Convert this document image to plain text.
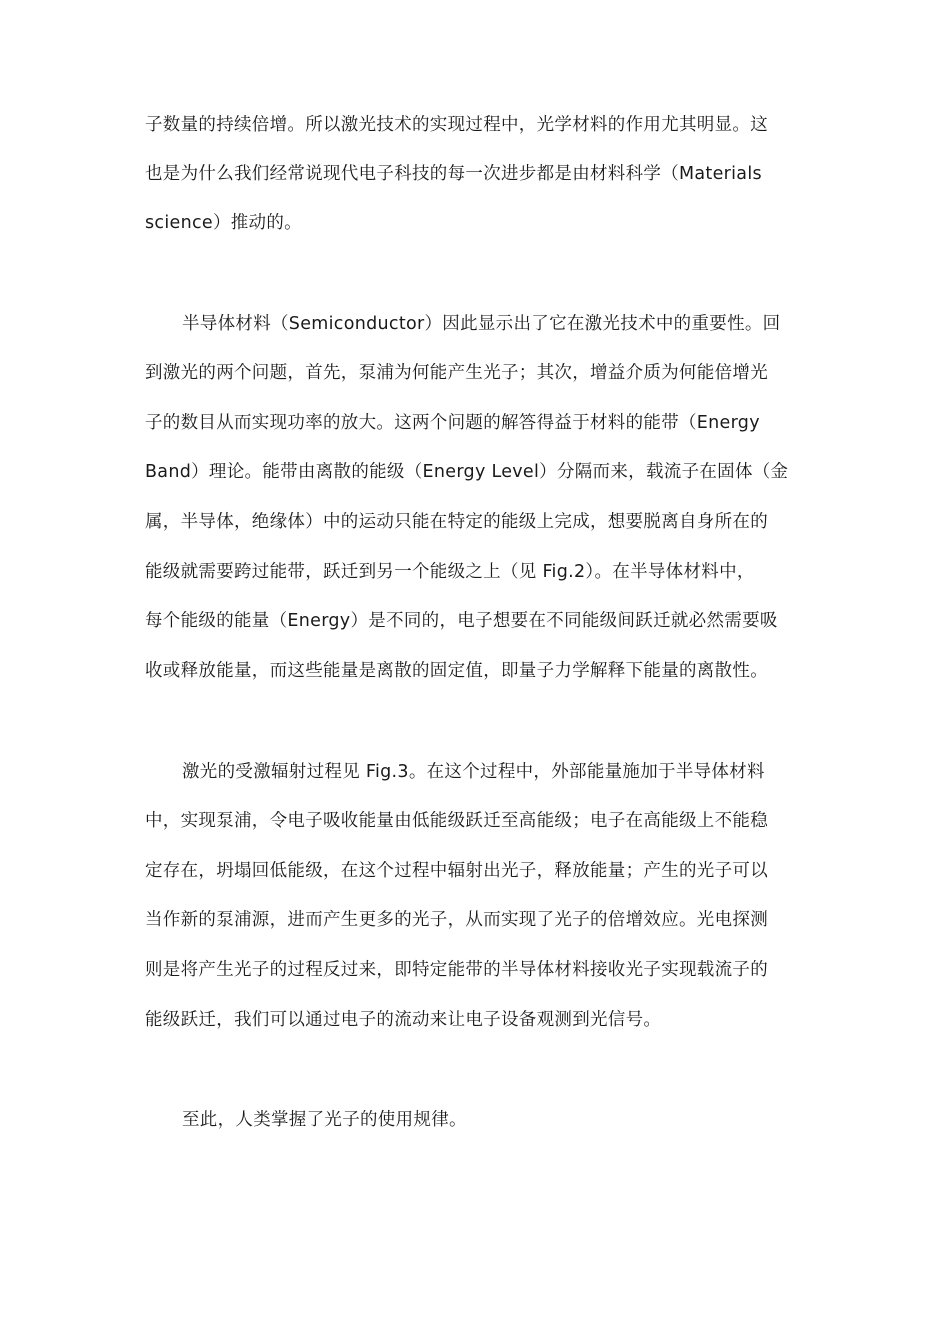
子数量的持续倍增。所以激光技术的实现过程中，光学材料的作用尤其明显。这
也是为什么我们经常说现代电子科技的每一次进步都是由材料科学（Materials
science）推动的。
半导体材料（Semiconductor）因此显示出了它在激光技术中的重要性。回
到激光的两个问题，首先，泵浦为何能产生光子；其次，增益介质为何能倍增光
子的数目从而实现功率的放大。这两个问题的解答得益于材料的能带（Energy
Band）理论。能带由离散的能级（Energy Level）分隔而来，载流子在固体（金
属，半导体，绝缘体）中的运动只能在特定的能级上完成，想要脱离自身所在的
能级就需要跨过能带，跃迁到另一个能级之上（见 Fig.2）。在半导体材料中，
每个能级的能量（Energy）是不同的，电子想要在不同能级间跃迁就必然需要吸
收或释放能量，而这些能量是离散的固定值，即量子力学解释下能量的离散性。
激光的受激辐射过程见 Fig.3。在这个过程中，外部能量施加于半导体材料
中，实现泵浦，令电子吸收能量由低能级跃迁至高能级；电子在高能级上不能稳
定存在，坍塌回低能级，在这个过程中辐射出光子，释放能量；产生的光子可以
当作新的泵浦源，进而产生更多的光子，从而实现了光子的倍增效应。光电探测
则是将产生光子的过程反过来，即特定能带的半导体材料接收光子实现载流子的
能级跃迁，我们可以通过电子的流动来让电子设备观测到光信号。
至此，人类掌握了光子的使用规律。
